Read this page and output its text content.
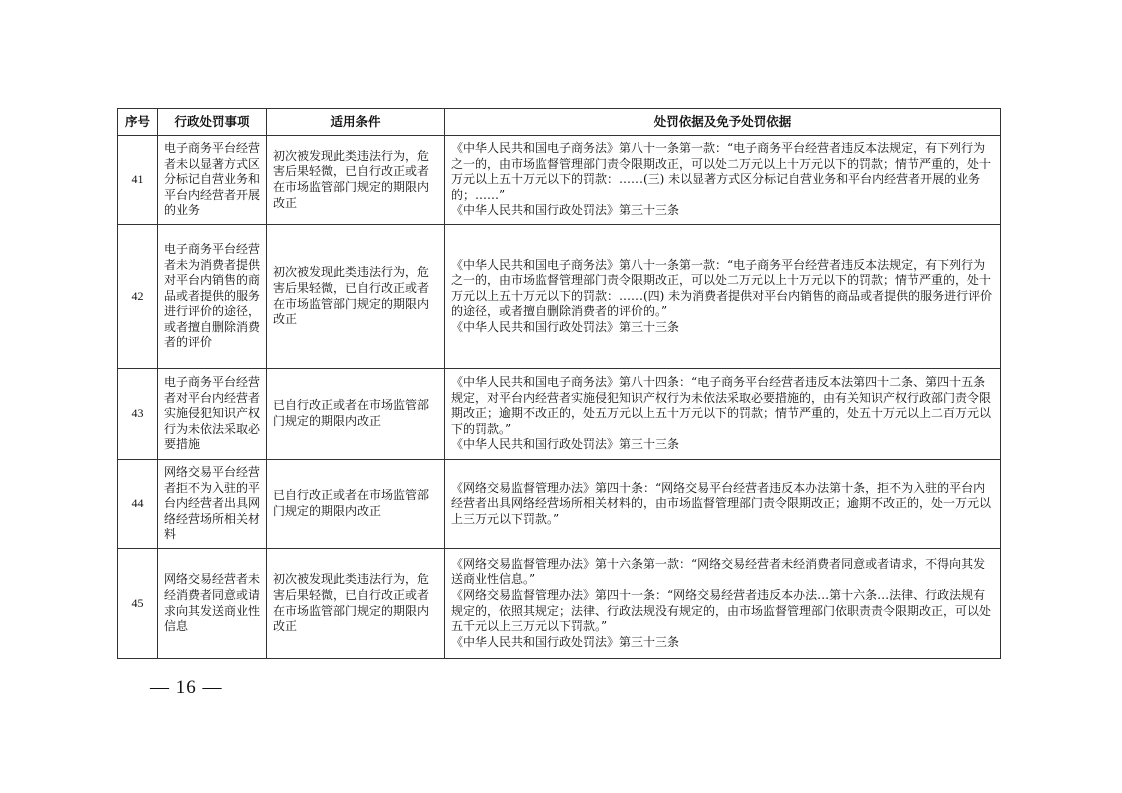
序号	行政处罚事项	适用条件	处罚依据及免予处罚依据
41	电子商务平台经营者未以显著方式区分标记自营业务和平台内经营者开展的业务	初次被发现此类违法行为，危害后果轻微，已自行改正或者在市场监管部门规定的期限内改正	《中华人民共和国电子商务法》第八十一条第一款：“电子商务平台经营者违反本法规定，有下列行为之一的，由市场监督管理部门责令限期改正，可以处二万元以上十万元以下的罚款；情节严重的，处十万元以上五十万元以下的罚款：……(三) 未以显著方式区分标记自营业务和平台内经营者开展的业务的；……”
《中华人民共和国行政处罚法》第三十三条

42	电子商务平台经营者未为消费者提供对平台内销售的商品或者提供的服务进行评价的途径，或者擅自删除消费者的评价	初次被发现此类违法行为，危害后果轻微，已自行改正或者在市场监管部门规定的期限内改正	《中华人民共和国电子商务法》第八十一条第一款：“电子商务平台经营者违反本法规定，有下列行为之一的，由市场监督管理部门责令限期改正，可以处二万元以上十万元以下的罚款；情节严重的，处十万元以上五十万元以下的罚款：……(四) 未为消费者提供对平台内销售的商品或者提供的服务进行评价的途径，或者擅自删除消费者的评价的。”
《中华人民共和国行政处罚法》第三十三条

43	电子商务平台经营者对平台内经营者实施侵犯知识产权行为未依法采取必要措施	已自行改正或者在市场监管部门规定的期限内改正	《中华人民共和国电子商务法》第八十四条：“电子商务平台经营者违反本法第四十二条、第四十五条规定，对平台内经营者实施侵犯知识产权行为未依法采取必要措施的，由有关知识产权行政部门责令限期改正；逾期不改正的，处五万元以上五十万元以下的罚款；情节严重的，处五十万元以上二百万元以下的罚款。”
《中华人民共和国行政处罚法》第三十三条

44	网络交易平台经营者拒不为入驻的平台内经营者出具网络经营场所相关材料	已自行改正或者在市场监管部门规定的期限内改正	《网络交易监督管理办法》第四十条：“网络交易平台经营者违反本办法第十条，拒不为入驻的平台内经营者出具网络经营场所相关材料的，由市场监督管理部门责令限期改正；逾期不改正的，处一万元以上三万元以下罚款。”

45	网络交易经营者未经消费者同意或请求向其发送商业性信息	初次被发现此类违法行为，危害后果轻微，已自行改正或者在市场监管部门规定的期限内改正	《网络交易监督管理办法》第十六条第一款：“网络交易经营者未经消费者同意或者请求，不得向其发送商业性信息。”
《网络交易监督管理办法》第四十一条：“网络交易经营者违反本办法…第十六条…法律、行政法规有规定的，依照其规定；法律、行政法规没有规定的，由市场监督管理部门依职责责令限期改正，可以处五千元以上三万元以下罚款。”
《中华人民共和国行政处罚法》第三十三条
— 16 —
